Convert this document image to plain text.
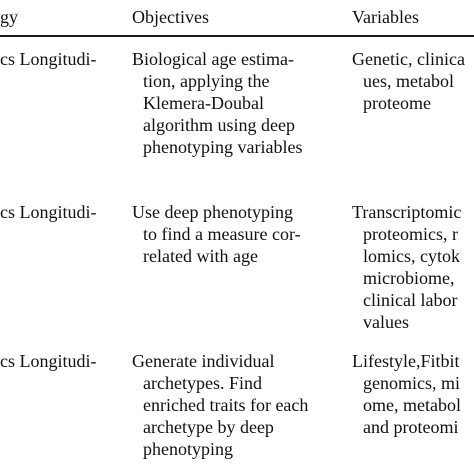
gy	Objectives	Variables
cs Longitudi- Biological age estima-
tion, applying the
Klemera-Doubal
algorithm using deep
phenotyping variables
Genetic, clinica
ues, metabol
proteome
cs Longitudi- Use deep phenotyping
to find a measure cor-
related with age
Transcriptomic
proteomics, r
lomics, cytok
microbiome,
clinical labor
values
cs Longitudi- Generate individual
archetypes. Find
enriched traits for each
archetype by deep
phenotyping
Lifestyle,Fitbit
genomics, mi
ome, metabol
and proteomi
